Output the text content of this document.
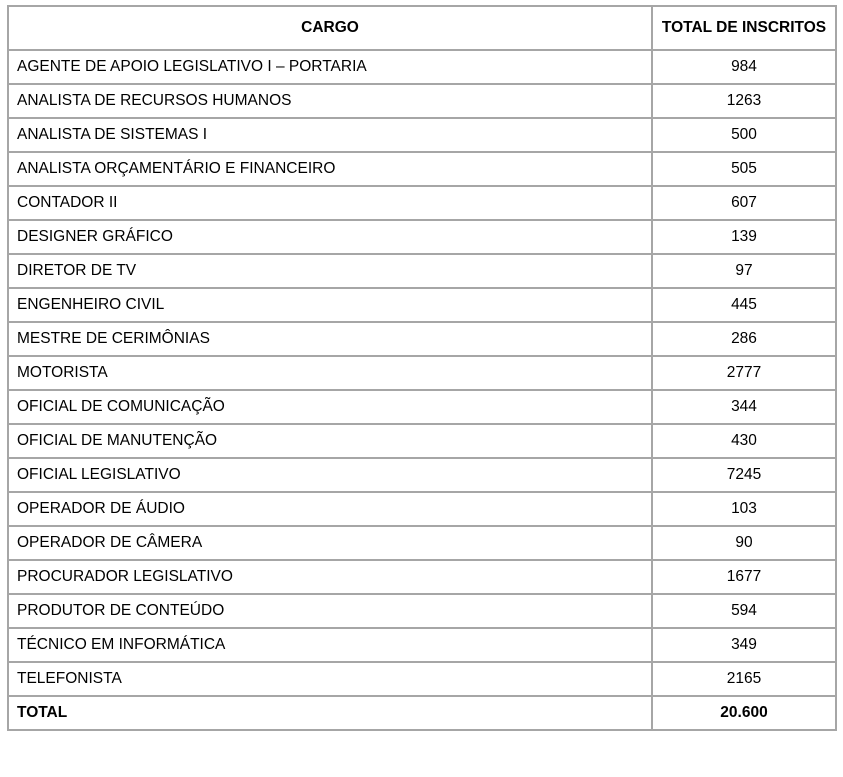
CARGO	TOTAL DE INSCRITOS
AGENTE DE APOIO LEGISLATIVO I – PORTARIA	984
ANALISTA DE RECURSOS HUMANOS	1263
ANALISTA DE SISTEMAS I	500
ANALISTA ORÇAMENTÁRIO E FINANCEIRO	505
CONTADOR II	607
DESIGNER GRÁFICO	139
DIRETOR DE TV	97
ENGENHEIRO CIVIL	445
MESTRE DE CERIMÔNIAS	286
MOTORISTA	2777
OFICIAL DE COMUNICAÇÃO	344
OFICIAL DE MANUTENÇÃO	430
OFICIAL LEGISLATIVO	7245
OPERADOR DE ÁUDIO	103
OPERADOR DE CÂMERA	90
PROCURADOR LEGISLATIVO	1677
PRODUTOR DE CONTEÚDO	594
TÉCNICO EM INFORMÁTICA	349
TELEFONISTA	2165
TOTAL	20.600
